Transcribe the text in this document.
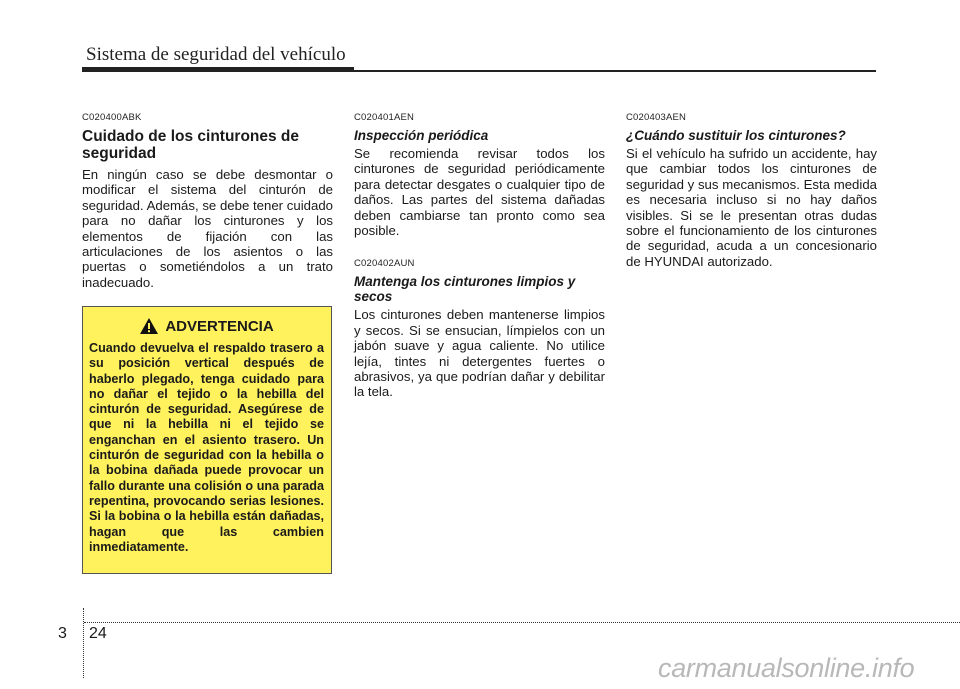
Sistema de seguridad del vehículo

C020400ABK

Cuidado de los cinturones de seguridad

En ningún caso se debe desmontar o modificar el sistema del cinturón de seguridad. Además, se debe tener cuidado para no dañar los cinturones y los elementos de fijación con las articulaciones de los asientos o las puertas o sometiéndolos a un trato inadecuado.

ADVERTENCIA

Cuando devuelva el respaldo trasero a su posición vertical después de haberlo plegado, tenga cuidado para no dañar el tejido o la hebilla del cinturón de seguridad. Asegúrese de que ni la hebilla ni el tejido se enganchan en el asiento trasero. Un cinturón de seguridad con la hebilla o la bobina dañada puede provocar un fallo durante una colisión o una parada repentina, provocando serias lesiones. Si la bobina o la hebilla están dañadas, hagan que las cambien inmediatamente.

C020401AEN

Inspección periódica

Se recomienda revisar todos los cinturones de seguridad periódicamente para detectar desgates o cualquier tipo de daños. Las partes del sistema dañadas deben cambiarse tan pronto como sea posible.

C020402AUN

Mantenga los cinturones limpios y secos

Los cinturones deben mantenerse limpios y secos. Si se ensucian, límpielos con un jabón suave y agua caliente. No utilice lejía, tintes ni detergentes fuertes o abrasivos, ya que podrían dañar y debilitar la tela.

C020403AEN

¿Cuándo sustituir los cinturones?

Si el vehículo ha sufrido un accidente, hay que cambiar todos los cinturones de seguridad y sus mecanismos. Esta medida es necesaria incluso si no hay daños visibles. Si se le presentan otras dudas sobre el funcionamiento de los cinturones de seguridad, acuda a un concesionario de HYUNDAI autorizado.

3 24
carmanualsonline.info
